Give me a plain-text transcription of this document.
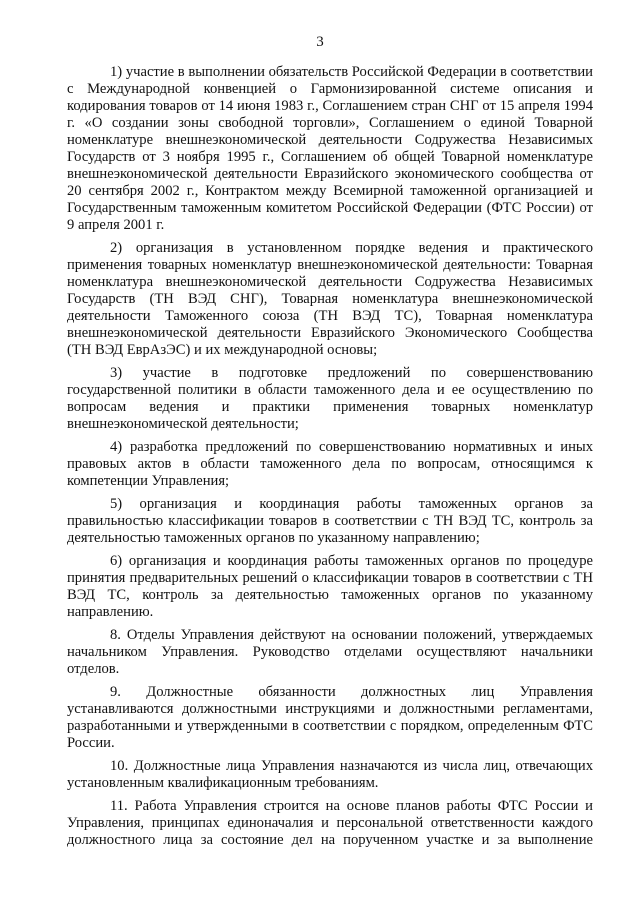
3

1) участие в выполнении обязательств Российской Федерации в соответствии с Международной конвенцией о Гармонизированной системе описания и кодирования товаров от 14 июня 1983 г., Соглашением стран СНГ от 15 апреля 1994 г. «О создании зоны свободной торговли», Соглашением о единой Товарной номенклатуре внешнеэкономической деятельности Содружества Независимых Государств от 3 ноября 1995 г., Соглашением об общей Товарной номенклатуре внешнеэкономической деятельности Евразийского экономического сообщества от 20 сентября 2002 г., Контрактом между Всемирной таможенной организацией и Государственным таможенным комитетом Российской Федерации (ФТС России) от 9 апреля 2001 г.

2) организация в установленном порядке ведения и практического применения товарных номенклатур внешнеэкономической деятельности: Товарная номенклатура внешнеэкономической деятельности Содружества Независимых Государств (ТН ВЭД СНГ), Товарная номенклатура внешнеэкономической деятельности Таможенного союза (ТН ВЭД ТС), Товарная номенклатура внешнеэкономической деятельности Евразийского Экономического Сообщества (ТН ВЭД ЕврАзЭС) и их международной основы;

3) участие в подготовке предложений по совершенствованию государственной политики в области таможенного дела и ее осуществлению по вопросам ведения и практики применения товарных номенклатур внешнеэкономической деятельности;

4) разработка предложений по совершенствованию нормативных и иных правовых актов в области таможенного дела по вопросам, относящимся к компетенции Управления;

5) организация и координация работы таможенных органов за правильностью классификации товаров в соответствии с ТН ВЭД ТС, контроль за деятельностью таможенных органов по указанному направлению;

6) организация и координация работы таможенных органов по процедуре принятия предварительных решений о классификации товаров в соответствии с ТН ВЭД ТС, контроль за деятельностью таможенных органов по указанному направлению.

8. Отделы Управления действуют на основании положений, утверждаемых начальником Управления. Руководство отделами осуществляют начальники отделов.

9. Должностные обязанности должностных лиц Управления устанавливаются должностными инструкциями и должностными регламентами, разработанными и утвержденными в соответствии с порядком, определенным ФТС России.

10. Должностные лица Управления назначаются из числа лиц, отвечающих установленным квалификационным требованиям.

11. Работа Управления строится на основе планов работы ФТС России и Управления, принципах единоначалия и персональной ответственности каждого должностного лица за состояние дел на порученном участке и за выполнение
